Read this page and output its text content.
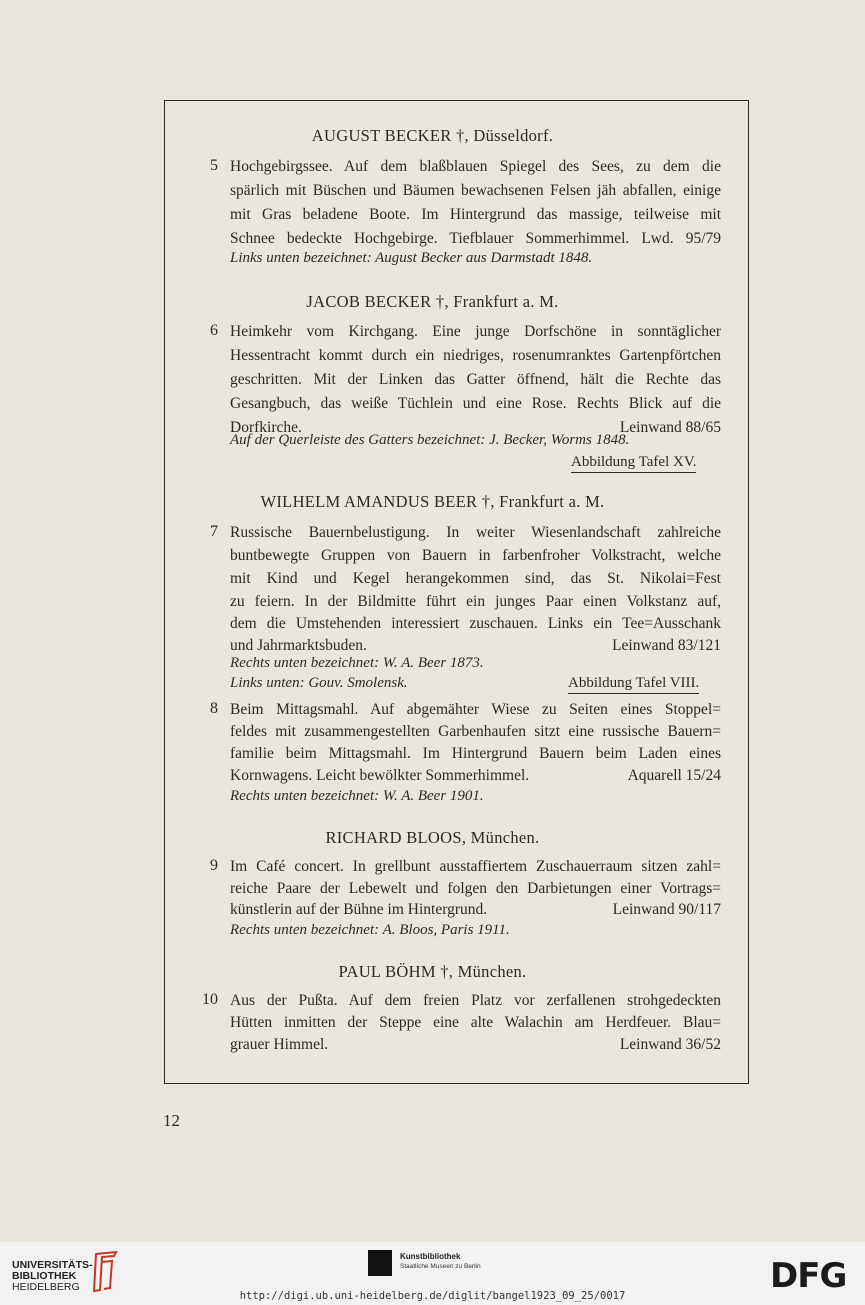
AUGUST BECKER †, Düsseldorf.
5 Hochgebirgssee. Auf dem blaßblauen Spiegel des Sees, zu dem die
spärlich mit Büschen und Bäumen bewachsenen Felsen jäh abfallen, einige
mit Gras beladene Boote. Im Hintergrund das massige, teilweise mit
Schnee bedeckte Hochgebirge. Tiefblauer Sommerhimmel. Lwd. 95/79
Links unten bezeichnet: August Becker aus Darmstadt 1848.
JACOB BECKER †, Frankfurt a. M.
6 Heimkehr vom Kirchgang. Eine junge Dorfschöne in sonntäglicher
Hessentracht kommt durch ein niedriges, rosenumranktes Gartenpförtchen
geschritten. Mit der Linken das Gatter öffnend, hält die Rechte das
Gesangbuch, das weiße Tüchlein und eine Rose. Rechts Blick auf die
Dorfkirche.	Leinwand 88/65
Auf der Querleiste des Gatters bezeichnet: J. Becker, Worms 1848.
Abbildung Tafel XV.
WILHELM AMANDUS BEER †, Frankfurt a. M.
7 Russische Bauernbelustigung. In weiter Wiesenlandschaft zahlreiche
buntbewegte Gruppen von Bauern in farbenfroher Volkstracht, welche
mit Kind und Kegel herangekommen sind, das St. Nikolai=Fest
zu feiern. In der Bildmitte führt ein junges Paar einen Volkstanz auf,
dem die Umstehenden interessiert zuschauen. Links ein Tee=Ausschank
und Jahrmarktsbuden.	Leinwand 83/121
Rechts unten bezeichnet: W. A. Beer 1873.
Links unten: Gouv. Smolensk.	Abbildung Tafel VIII.
8 Beim Mittagsmahl. Auf abgemähter Wiese zu Seiten eines Stoppel=
feldes mit zusammengestellten Garbenhaufen sitzt eine russische Bauern=
familie beim Mittagsmahl. Im Hintergrund Bauern beim Laden eines
Kornwagens. Leicht bewölkter Sommerhimmel.	Aquarell 15/24
Rechts unten bezeichnet: W. A. Beer 1901.
RICHARD BLOOS, München.
9 Im Café concert. In grellbunt ausstaffiertem Zuschauerraum sitzen zahl=
reiche Paare der Lebewelt und folgen den Darbietungen einer Vortrags=
künstlerin auf der Bühne im Hintergrund.	Leinwand 90/117
Rechts unten bezeichnet: A. Bloos, Paris 1911.
PAUL BÖHM †, München.
10 Aus der Pußta. Auf dem freien Platz vor zerfallenen strohgedeckten
Hütten inmitten der Steppe eine alte Walachin am Herdfeuer. Blau=
grauer Himmel.	Leinwand 36/52
12
UNIVERSITÄTS-
BIBLIOTHEK
HEIDELBERG
Kunstbibliothek
Staatliche Museen zu Berlin	DFG
http://digi.ub.uni-heidelberg.de/diglit/bangel1923_09_25/0017
